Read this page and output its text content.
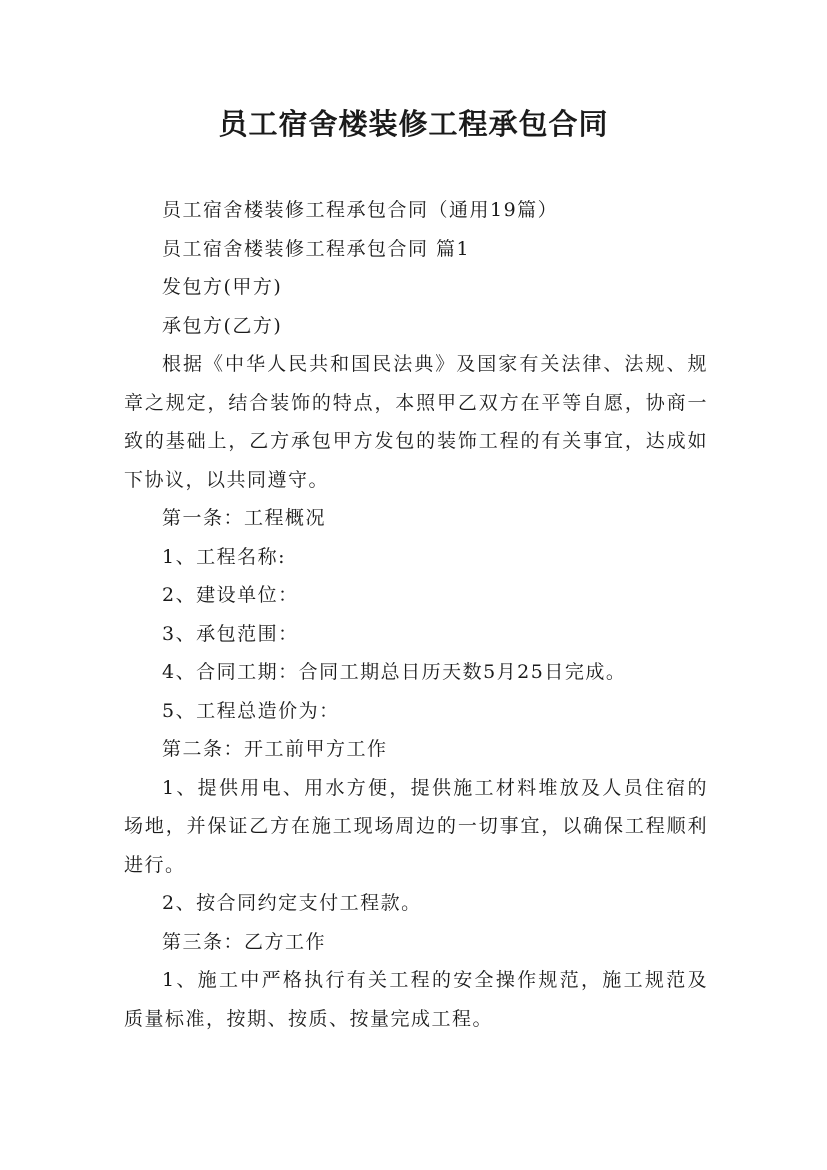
员工宿舍楼装修工程承包合同

员工宿舍楼装修工程承包合同（通用19篇）

员工宿舍楼装修工程承包合同 篇1

发包方(甲方)

承包方(乙方)

根据《中华人民共和国民法典》及国家有关法律、法规、规章之规定，结合装饰的特点，本照甲乙双方在平等自愿，协商一致的基础上，乙方承包甲方发包的装饰工程的有关事宜，达成如下协议，以共同遵守。

第一条：工程概况

1、工程名称:

2、建设单位：

3、承包范围：

4、合同工期：合同工期总日历天数5月25日完成。

5、工程总造价为：

第二条：开工前甲方工作

1、提供用电、用水方便，提供施工材料堆放及人员住宿的场地，并保证乙方在施工现场周边的一切事宜，以确保工程顺利进行。

2、按合同约定支付工程款。

第三条：乙方工作

1、施工中严格执行有关工程的安全操作规范，施工规范及质量标准，按期、按质、按量完成工程。
